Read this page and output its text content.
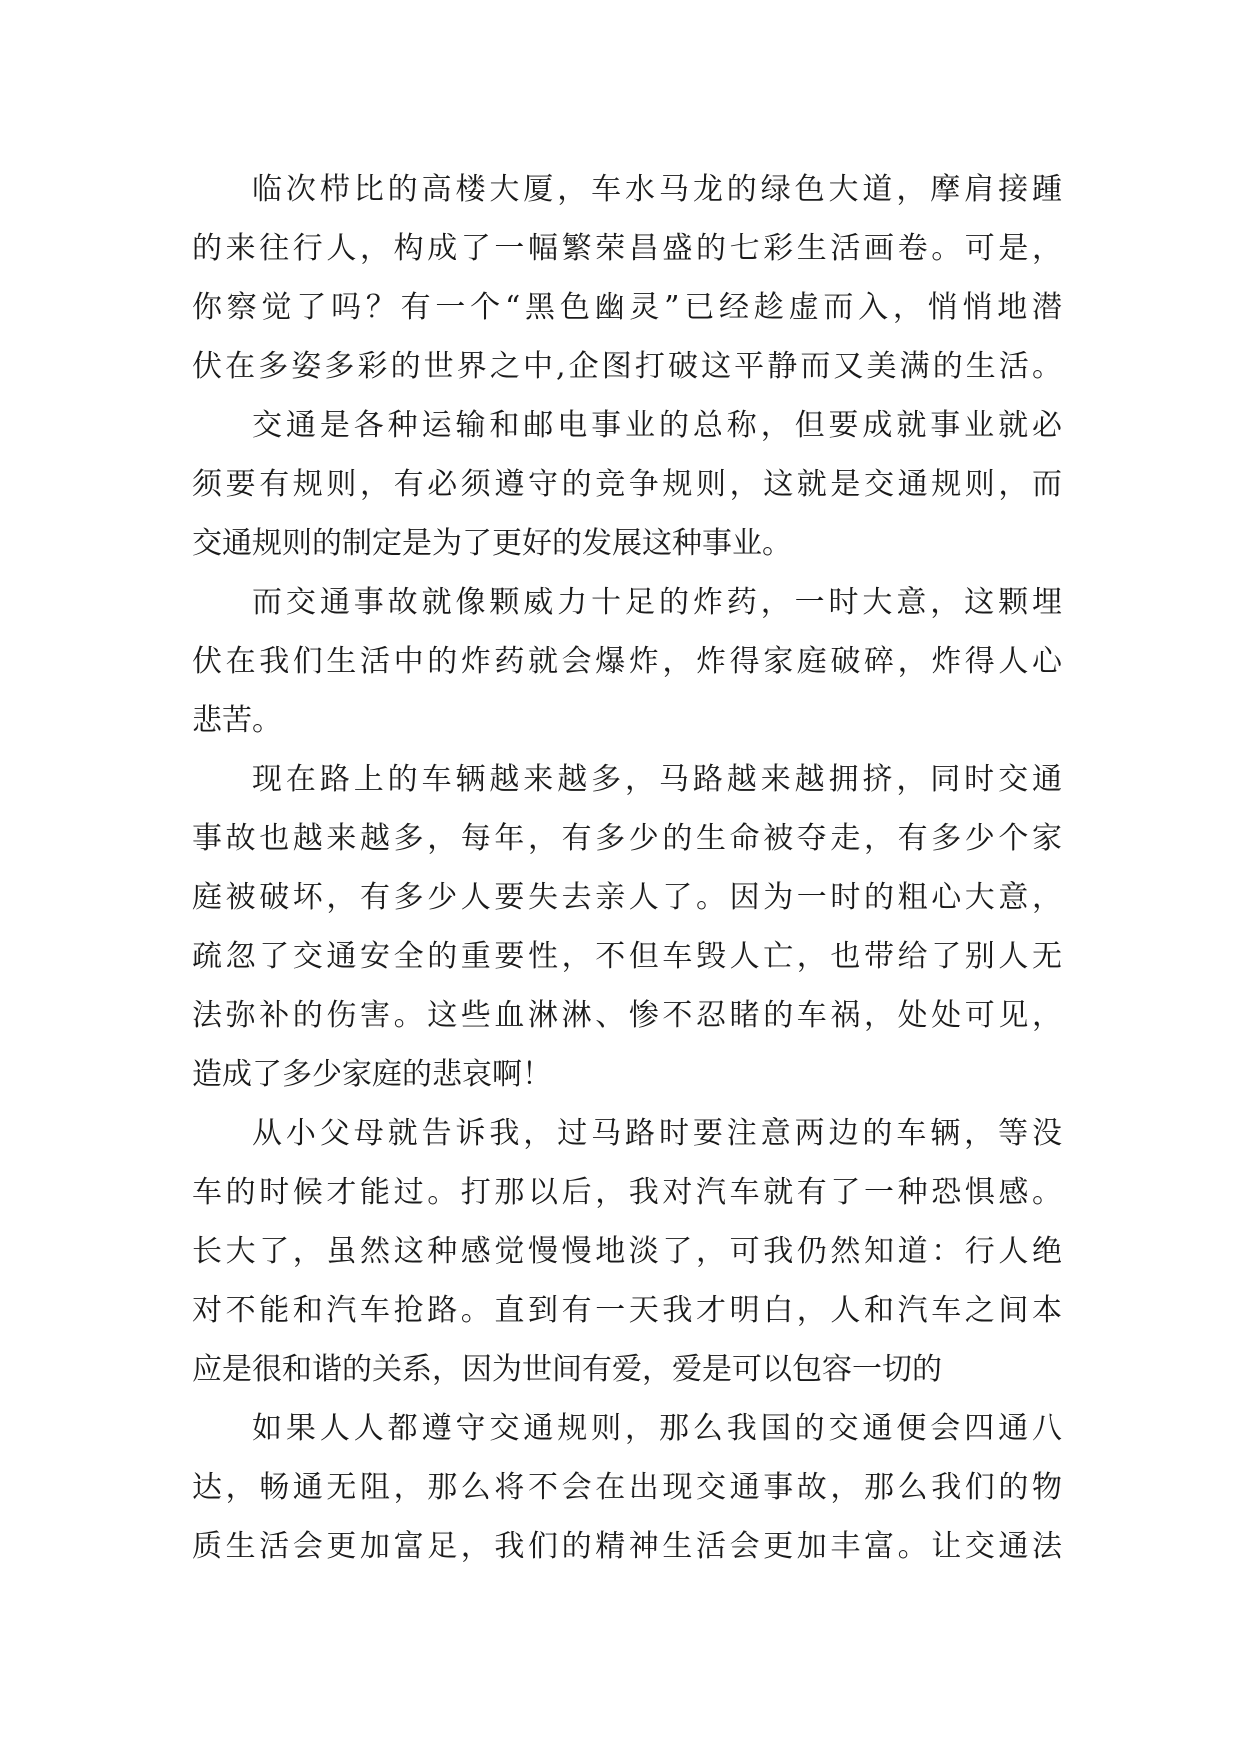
临次栉比的高楼大厦，车水马龙的绿色大道，摩肩接踵
的来往行人，构成了一幅繁荣昌盛的七彩生活画卷。可是，
你察觉了吗？有一个“黑色幽灵”已经趁虚而入，悄悄地潜
伏在多姿多彩的世界之中,企图打破这平静而又美满的生活。
交通是各种运输和邮电事业的总称，但要成就事业就必
须要有规则，有必须遵守的竞争规则，这就是交通规则，而
交通规则的制定是为了更好的发展这种事业。
而交通事故就像颗威力十足的炸药，一时大意，这颗埋
伏在我们生活中的炸药就会爆炸，炸得家庭破碎，炸得人心
悲苦。
现在路上的车辆越来越多，马路越来越拥挤，同时交通
事故也越来越多，每年，有多少的生命被夺走，有多少个家
庭被破坏，有多少人要失去亲人了。因为一时的粗心大意，
疏忽了交通安全的重要性，不但车毁人亡，也带给了别人无
法弥补的伤害。这些血淋淋、惨不忍睹的车祸，处处可见，
造成了多少家庭的悲哀啊！
从小父母就告诉我，过马路时要注意两边的车辆，等没
车的时候才能过。打那以后，我对汽车就有了一种恐惧感。
长大了，虽然这种感觉慢慢地淡了，可我仍然知道：行人绝
对不能和汽车抢路。直到有一天我才明白，人和汽车之间本
应是很和谐的关系，因为世间有爱，爱是可以包容一切的
如果人人都遵守交通规则，那么我国的交通便会四通八
达，畅通无阻，那么将不会在出现交通事故，那么我们的物
质生活会更加富足，我们的精神生活会更加丰富。让交通法
